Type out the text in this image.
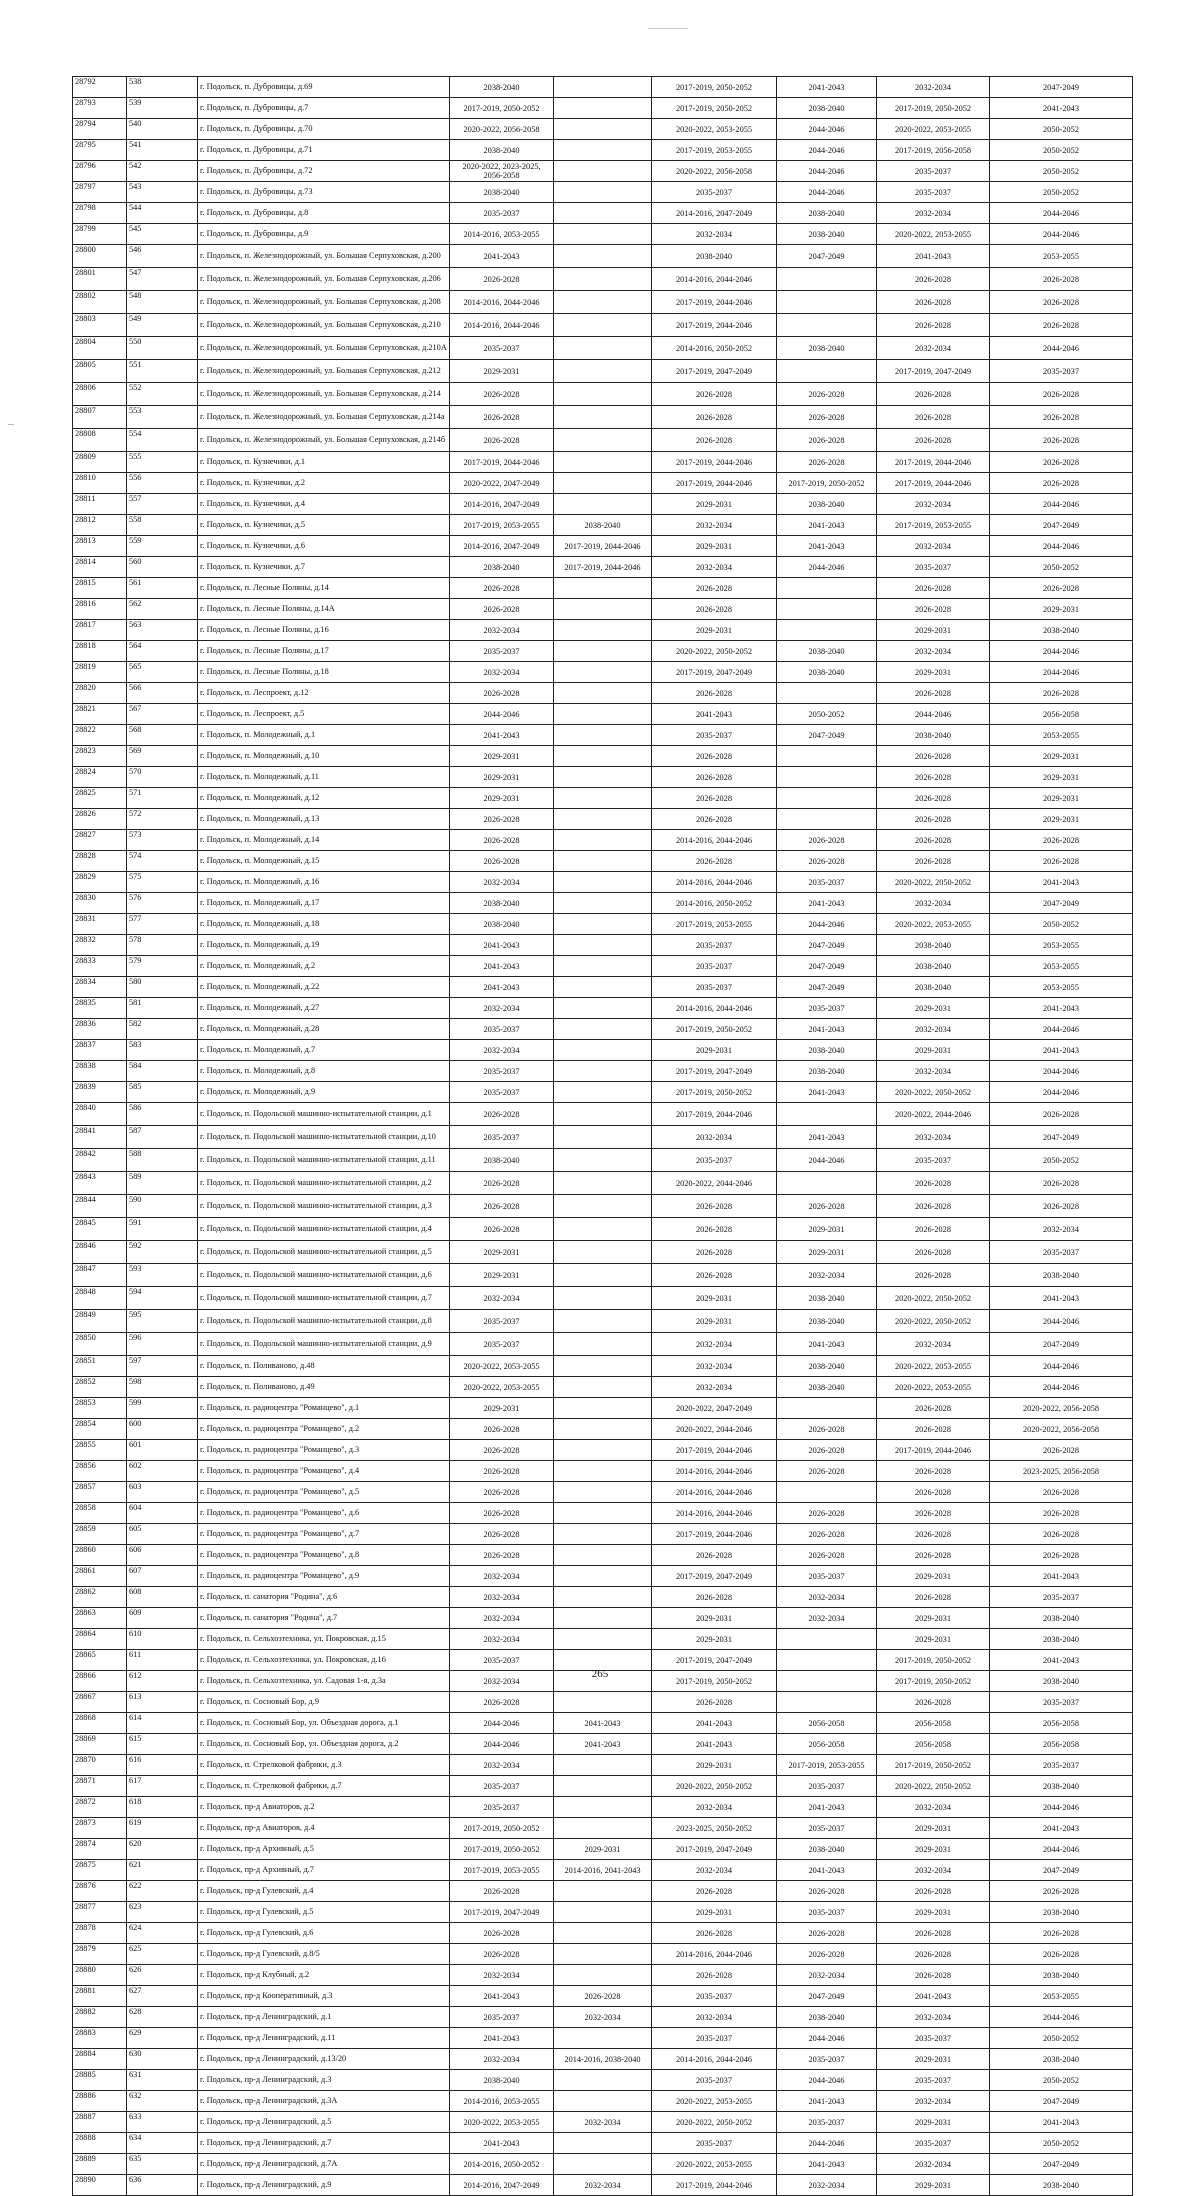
28792	538	г. Подольск, п. Дубровицы, д.69	2038-2040		2017-2019, 2050-2052	2041-2043	2032-2034	2047-2049
28793	539	г. Подольск, п. Дубровицы, д.7	2017-2019, 2050-2052		2017-2019, 2050-2052	2038-2040	2017-2019, 2050-2052	2041-2043
28794	540	г. Подольск, п. Дубровицы, д.70	2020-2022, 2056-2058		2020-2022, 2053-2055	2044-2046	2020-2022, 2053-2055	2050-2052
28795	541	г. Подольск, п. Дубровицы, д.71	2038-2040		2017-2019, 2053-2055	2044-2046	2017-2019, 2056-2058	2050-2052
28796	542	г. Подольск, п. Дубровицы, д.72	2020-2022, 2023-2025, 2056-2058		2020-2022, 2056-2058	2044-2046	2035-2037	2050-2052
28797	543	г. Подольск, п. Дубровицы, д.73	2038-2040		2035-2037	2044-2046	2035-2037	2050-2052
28798	544	г. Подольск, п. Дубровицы, д.8	2035-2037		2014-2016, 2047-2049	2038-2040	2032-2034	2044-2046
28799	545	г. Подольск, п. Дубровицы, д.9	2014-2016, 2053-2055		2032-2034	2038-2040	2020-2022, 2053-2055	2044-2046
28800	546	г. Подольск, п. Железнодорожный, ул. Большая Серпуховская, д.200	2041-2043		2038-2040	2047-2049	2041-2043	2053-2055
28801	547	г. Подольск, п. Железнодорожный, ул. Большая Серпуховская, д.206	2026-2028		2014-2016, 2044-2046		2026-2028	2026-2028
28802	548	г. Подольск, п. Железнодорожный, ул. Большая Серпуховская, д.208	2014-2016, 2044-2046		2017-2019, 2044-2046		2026-2028	2026-2028
28803	549	г. Подольск, п. Железнодорожный, ул. Большая Серпуховская, д.210	2014-2016, 2044-2046		2017-2019, 2044-2046		2026-2028	2026-2028
28804	550	г. Подольск, п. Железнодорожный, ул. Большая Серпуховская, д.210А	2035-2037		2014-2016, 2050-2052	2038-2040	2032-2034	2044-2046
28805	551	г. Подольск, п. Железнодорожный, ул. Большая Серпуховская, д.212	2029-2031		2017-2019, 2047-2049		2017-2019, 2047-2049	2035-2037
28806	552	г. Подольск, п. Железнодорожный, ул. Большая Серпуховская, д.214	2026-2028		2026-2028	2026-2028	2026-2028	2026-2028
28807	553	г. Подольск, п. Железнодорожный, ул. Большая Серпуховская, д.214а	2026-2028		2026-2028	2026-2028	2026-2028	2026-2028
28808	554	г. Подольск, п. Железнодорожный, ул. Большая Серпуховская, д.214б	2026-2028		2026-2028	2026-2028	2026-2028	2026-2028
28809	555	г. Подольск, п. Кузнечики, д.1	2017-2019, 2044-2046		2017-2019, 2044-2046	2026-2028	2017-2019, 2044-2046	2026-2028
28810	556	г. Подольск, п. Кузнечики, д.2	2020-2022, 2047-2049		2017-2019, 2044-2046	2017-2019, 2050-2052	2017-2019, 2044-2046	2026-2028
28811	557	г. Подольск, п. Кузнечики, д.4	2014-2016, 2047-2049		2029-2031	2038-2040	2032-2034	2044-2046
28812	558	г. Подольск, п. Кузнечики, д.5	2017-2019, 2053-2055	2038-2040	2032-2034	2041-2043	2017-2019, 2053-2055	2047-2049
28813	559	г. Подольск, п. Кузнечики, д.6	2014-2016, 2047-2049	2017-2019, 2044-2046	2029-2031	2041-2043	2032-2034	2044-2046
28814	560	г. Подольск, п. Кузнечики, д.7	2038-2040	2017-2019, 2044-2046	2032-2034	2044-2046	2035-2037	2050-2052
28815	561	г. Подольск, п. Лесные Поляны, д.14	2026-2028		2026-2028		2026-2028	2026-2028
28816	562	г. Подольск, п. Лесные Поляны, д.14А	2026-2028		2026-2028		2026-2028	2029-2031
28817	563	г. Подольск, п. Лесные Поляны, д.16	2032-2034		2029-2031		2029-2031	2038-2040
28818	564	г. Подольск, п. Лесные Поляны, д.17	2035-2037		2020-2022, 2050-2052	2038-2040	2032-2034	2044-2046
28819	565	г. Подольск, п. Лесные Поляны, д.18	2032-2034		2017-2019, 2047-2049	2038-2040	2029-2031	2044-2046
28820	566	г. Подольск, п. Леспроект, д.12	2026-2028		2026-2028		2026-2028	2026-2028
28821	567	г. Подольск, п. Леспроект, д.5	2044-2046		2041-2043	2050-2052	2044-2046	2056-2058
28822	568	г. Подольск, п. Молодежный, д.1	2041-2043		2035-2037	2047-2049	2038-2040	2053-2055
28823	569	г. Подольск, п. Молодежный, д.10	2029-2031		2026-2028		2026-2028	2029-2031
28824	570	г. Подольск, п. Молодежный, д.11	2029-2031		2026-2028		2026-2028	2029-2031
28825	571	г. Подольск, п. Молодежный, д.12	2029-2031		2026-2028		2026-2028	2029-2031
28826	572	г. Подольск, п. Молодежный, д.13	2026-2028		2026-2028		2026-2028	2029-2031
28827	573	г. Подольск, п. Молодежный, д.14	2026-2028		2014-2016, 2044-2046	2026-2028	2026-2028	2026-2028
28828	574	г. Подольск, п. Молодежный, д.15	2026-2028		2026-2028	2026-2028	2026-2028	2026-2028
28829	575	г. Подольск, п. Молодежный, д.16	2032-2034		2014-2016, 2044-2046	2035-2037	2020-2022, 2050-2052	2041-2043
28830	576	г. Подольск, п. Молодежный, д.17	2038-2040		2014-2016, 2050-2052	2041-2043	2032-2034	2047-2049
28831	577	г. Подольск, п. Молодежный, д.18	2038-2040		2017-2019, 2053-2055	2044-2046	2020-2022, 2053-2055	2050-2052
28832	578	г. Подольск, п. Молодежный, д.19	2041-2043		2035-2037	2047-2049	2038-2040	2053-2055
28833	579	г. Подольск, п. Молодежный, д.2	2041-2043		2035-2037	2047-2049	2038-2040	2053-2055
28834	580	г. Подольск, п. Молодежный, д.22	2041-2043		2035-2037	2047-2049	2038-2040	2053-2055
28835	581	г. Подольск, п. Молодежный, д.27	2032-2034		2014-2016, 2044-2046	2035-2037	2029-2031	2041-2043
28836	582	г. Подольск, п. Молодежный, д.28	2035-2037		2017-2019, 2050-2052	2041-2043	2032-2034	2044-2046
28837	583	г. Подольск, п. Молодежный, д.7	2032-2034		2029-2031	2038-2040	2029-2031	2041-2043
28838	584	г. Подольск, п. Молодежный, д.8	2035-2037		2017-2019, 2047-2049	2038-2040	2032-2034	2044-2046
28839	585	г. Подольск, п. Молодежный, д.9	2035-2037		2017-2019, 2050-2052	2041-2043	2020-2022, 2050-2052	2044-2046
28840	586	г. Подольск, п. Подольской машинно-испытательной станции, д.1	2026-2028		2017-2019, 2044-2046		2020-2022, 2044-2046	2026-2028
28841	587	г. Подольск, п. Подольской машинно-испытательной станции, д.10	2035-2037		2032-2034	2041-2043	2032-2034	2047-2049
28842	588	г. Подольск, п. Подольской машинно-испытательной станции, д.11	2038-2040		2035-2037	2044-2046	2035-2037	2050-2052
28843	589	г. Подольск, п. Подольской машинно-испытательной станции, д.2	2026-2028		2020-2022, 2044-2046		2026-2028	2026-2028
28844	590	г. Подольск, п. Подольской машинно-испытательной станции, д.3	2026-2028		2026-2028	2026-2028	2026-2028	2026-2028
28845	591	г. Подольск, п. Подольской машинно-испытательной станции, д.4	2026-2028		2026-2028	2029-2031	2026-2028	2032-2034
28846	592	г. Подольск, п. Подольской машинно-испытательной станции, д.5	2029-2031		2026-2028	2029-2031	2026-2028	2035-2037
28847	593	г. Подольск, п. Подольской машинно-испытательной станции, д.6	2029-2031		2026-2028	2032-2034	2026-2028	2038-2040
28848	594	г. Подольск, п. Подольской машинно-испытательной станции, д.7	2032-2034		2029-2031	2038-2040	2020-2022, 2050-2052	2041-2043
28849	595	г. Подольск, п. Подольской машинно-испытательной станции, д.8	2035-2037		2029-2031	2038-2040	2020-2022, 2050-2052	2044-2046
28850	596	г. Подольск, п. Подольской машинно-испытательной станции, д.9	2035-2037		2032-2034	2041-2043	2032-2034	2047-2049
28851	597	г. Подольск, п. Поливаново, д.48	2020-2022, 2053-2055		2032-2034	2038-2040	2020-2022, 2053-2055	2044-2046
28852	598	г. Подольск, п. Поливаново, д.49	2020-2022, 2053-2055		2032-2034	2038-2040	2020-2022, 2053-2055	2044-2046
28853	599	г. Подольск, п. радиоцентра "Романцево", д.1	2029-2031		2020-2022, 2047-2049		2026-2028	2020-2022, 2056-2058
28854	600	г. Подольск, п. радиоцентра "Романцево", д.2	2026-2028		2020-2022, 2044-2046	2026-2028	2026-2028	2020-2022, 2056-2058
28855	601	г. Подольск, п. радиоцентра "Романцево", д.3	2026-2028		2017-2019, 2044-2046	2026-2028	2017-2019, 2044-2046	2026-2028
28856	602	г. Подольск, п. радиоцентра "Романцево", д.4	2026-2028		2014-2016, 2044-2046	2026-2028	2026-2028	2023-2025, 2056-2058
28857	603	г. Подольск, п. радиоцентра "Романцево", д.5	2026-2028		2014-2016, 2044-2046		2026-2028	2026-2028
28858	604	г. Подольск, п. радиоцентра "Романцево", д.6	2026-2028		2014-2016, 2044-2046	2026-2028	2026-2028	2026-2028
28859	605	г. Подольск, п. радиоцентра "Романцево", д.7	2026-2028		2017-2019, 2044-2046	2026-2028	2026-2028	2026-2028
28860	606	г. Подольск, п. радиоцентра "Романцево", д.8	2026-2028		2026-2028	2026-2028	2026-2028	2026-2028
28861	607	г. Подольск, п. радиоцентра "Романцево", д.9	2032-2034		2017-2019, 2047-2049	2035-2037	2029-2031	2041-2043
28862	608	г. Подольск, п. санатория "Родина", д.6	2032-2034		2026-2028	2032-2034	2026-2028	2035-2037
28863	609	г. Подольск, п. санатория "Родина", д.7	2032-2034		2029-2031	2032-2034	2029-2031	2038-2040
28864	610	г. Подольск, п. Сельхозтехника, ул. Покровская, д.15	2032-2034		2029-2031		2029-2031	2038-2040
28865	611	г. Подольск, п. Сельхозтехника, ул. Покровская, д.16	2035-2037		2017-2019, 2047-2049		2017-2019, 2050-2052	2041-2043
28866	612	г. Подольск, п. Сельхозтехника, ул. Садовая 1-я, д.3а	2032-2034		2017-2019, 2050-2052		2017-2019, 2050-2052	2038-2040
28867	613	г. Подольск, п. Сосновый Бор, д.9	2026-2028		2026-2028		2026-2028	2035-2037
28868	614	г. Подольск, п. Сосновый Бор, ул. Объездная дорога, д.1	2044-2046	2041-2043	2041-2043	2056-2058	2056-2058	2056-2058
28869	615	г. Подольск, п. Сосновый Бор, ул. Объездная дорога, д.2	2044-2046	2041-2043	2041-2043	2056-2058	2056-2058	2056-2058
28870	616	г. Подольск, п. Стрелковой фабрики, д.3	2032-2034		2029-2031	2017-2019, 2053-2055	2017-2019, 2050-2052	2035-2037
28871	617	г. Подольск, п. Стрелковой фабрики, д.7	2035-2037		2020-2022, 2050-2052	2035-2037	2020-2022, 2050-2052	2038-2040
28872	618	г. Подольск, пр-д Авиаторов, д.2	2035-2037		2032-2034	2041-2043	2032-2034	2044-2046
28873	619	г. Подольск, пр-д Авиаторов, д.4	2017-2019, 2050-2052		2023-2025, 2050-2052	2035-2037	2029-2031	2041-2043
28874	620	г. Подольск, пр-д Архивный, д.5	2017-2019, 2050-2052	2029-2031	2017-2019, 2047-2049	2038-2040	2029-2031	2044-2046
28875	621	г. Подольск, пр-д Архивный, д.7	2017-2019, 2053-2055	2014-2016, 2041-2043	2032-2034	2041-2043	2032-2034	2047-2049
28876	622	г. Подольск, пр-д Гулевский, д.4	2026-2028		2026-2028	2026-2028	2026-2028	2026-2028
28877	623	г. Подольск, пр-д Гулевский, д.5	2017-2019, 2047-2049		2029-2031	2035-2037	2029-2031	2038-2040
28878	624	г. Подольск, пр-д Гулевский, д.6	2026-2028		2026-2028	2026-2028	2026-2028	2026-2028
28879	625	г. Подольск, пр-д Гулевский, д.8/5	2026-2028		2014-2016, 2044-2046	2026-2028	2026-2028	2026-2028
28880	626	г. Подольск, пр-д Клубный, д.2	2032-2034		2026-2028	2032-2034	2026-2028	2038-2040
28881	627	г. Подольск, пр-д Кооперативный, д.3	2041-2043	2026-2028	2035-2037	2047-2049	2041-2043	2053-2055
28882	628	г. Подольск, пр-д Ленинградский, д.1	2035-2037	2032-2034	2032-2034	2038-2040	2032-2034	2044-2046
28883	629	г. Подольск, пр-д Ленинградский, д.11	2041-2043		2035-2037	2044-2046	2035-2037	2050-2052
28884	630	г. Подольск, пр-д Ленинградский, д.13/20	2032-2034	2014-2016, 2038-2040	2014-2016, 2044-2046	2035-2037	2029-2031	2038-2040
28885	631	г. Подольск, пр-д Ленинградский, д.3	2038-2040		2035-2037	2044-2046	2035-2037	2050-2052
28886	632	г. Подольск, пр-д Ленинградский, д.3А	2014-2016, 2053-2055		2020-2022, 2053-2055	2041-2043	2032-2034	2047-2049
28887	633	г. Подольск, пр-д Ленинградский, д.5	2020-2022, 2053-2055	2032-2034	2020-2022, 2050-2052	2035-2037	2029-2031	2041-2043
28888	634	г. Подольск, пр-д Ленинградский, д.7	2041-2043		2035-2037	2044-2046	2035-2037	2050-2052
28889	635	г. Подольск, пр-д Ленинградский, д.7А	2014-2016, 2050-2052		2020-2022, 2053-2055	2041-2043	2032-2034	2047-2049
28890	636	г. Подольск, пр-д Ленинградский, д.9	2014-2016, 2047-2049	2032-2034	2017-2019, 2044-2046	2032-2034	2029-2031	2038-2040
265
